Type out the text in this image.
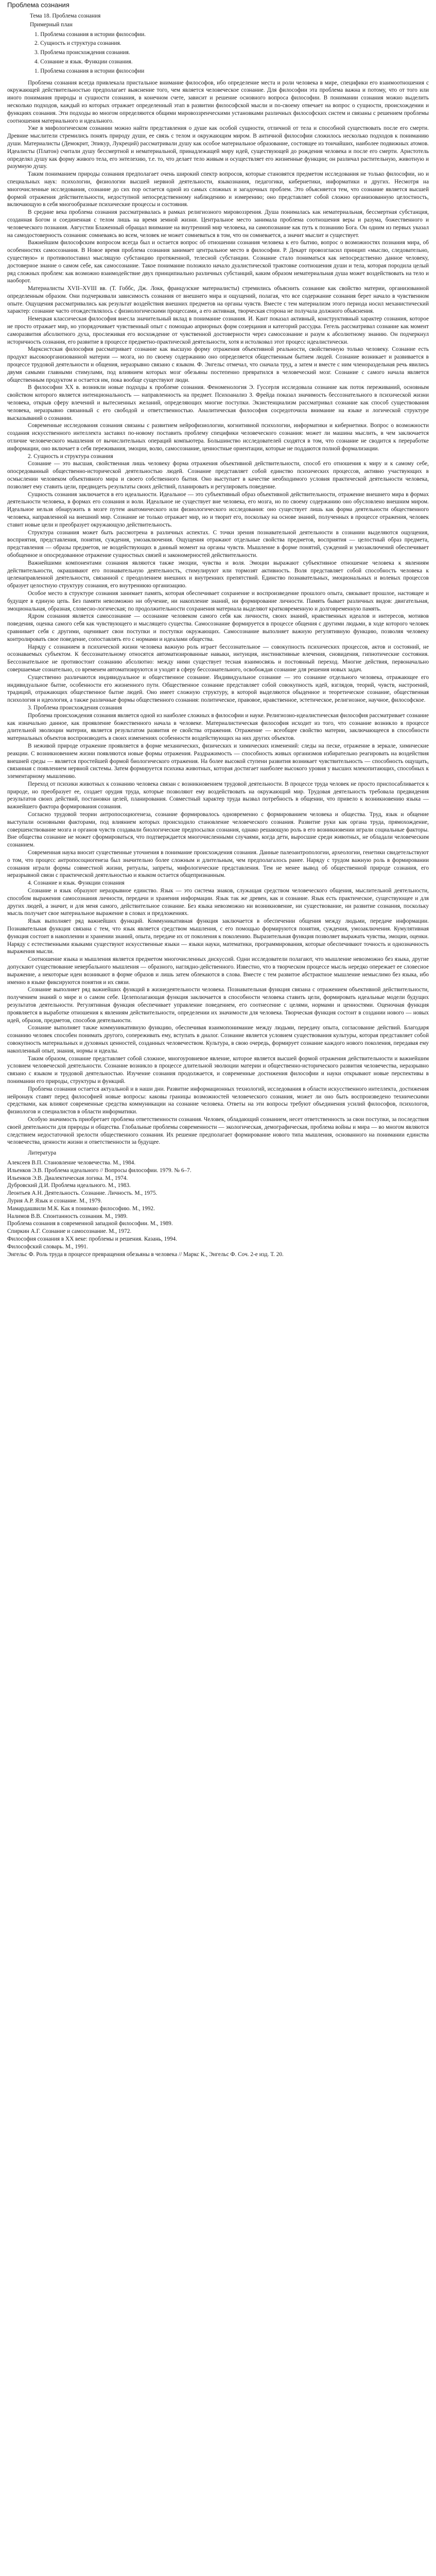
Проблема сознания
Тема 18. Проблема сознания
Примерный план
1. Проблема сознания в истории философии.
2. Сущность и структура сознания.
3. Проблема происхождения сознания.
4. Сознание и язык. Функции сознания.
1. Проблема сознания в истории философии

Проблема сознания всегда привлекала пристальное внимание философов, ибо определение места и роли человека в мире, специфики его взаимоотношения с окружающей действительностью предполагает выяснение того, чем является человеческое сознание. Для философии эта проблема важна и потому, что от того или иного понимания природы и сущности сознания, в конечном счете, зависит и решение основного вопроса философии. В понимании сознания можно выделить несколько подходов, каждый из которых отражает определенный этап в развитии философской мысли и по-своему отвечает на вопрос о сущности, происхождении и функциях сознания. Эти подходы во многом определяются общими мировоззренческими установками различных философских систем и связаны с решением проблемы соотношения материального и идеального.

Уже в мифологическом сознании можно найти представления о душе как особой сущности, отличной от тела и способной существовать после его смерти. Древние мыслители стремились понять природу души, ее связь с телом и окружающим миром. В античной философии сложилось несколько подходов к пониманию души. Материалисты (Демокрит, Эпикур, Лукреций) рассматривали душу как особое материальное образование, состоящее из тончайших, наиболее подвижных атомов. Идеалисты (Платон) считали душу бессмертной и нематериальной, принадлежащей миру идей, существующей до рождения человека и после его смерти. Аристотель определял душу как форму живого тела, его энтелехию, т.е. то, что делает тело живым и осуществляет его жизненные функции; он различал растительную, животную и разумную душу.

Таким пониманием природы сознания предполагает очень широкий спектр вопросов, которые становятся предметом исследования не только философии, но и специальных наук: психологии, физиологии высшей нервной деятельности, языкознания, педагогики, кибернетики, информатики и других. Несмотря на многочисленные исследования, сознание до сих пор остается одной из самых сложных и загадочных проблем. Это объясняется тем, что сознание является высшей формой отражения действительности, недоступной непосредственному наблюдению и измерению; оно представляет собой сложно организованную целостность, включающую в себя многообразные психические процессы и состояния.

В средние века проблема сознания рассматривалась в рамках религиозного мировоззрения. Душа понималась как нематериальная, бессмертная субстанция, созданная Богом и соединенная с телом лишь на время земной жизни. Центральное место занимала проблема соотношения веры и разума, божественного и человеческого познания. Августин Блаженный обращал внимание на внутренний мир человека, на самопознание как путь к познанию Бога. Он одним из первых указал на самодостоверность сознания: сомневаясь во всем, человек не может сомневаться в том, что он сомневается, а значит мыслит и существует.

Важнейшим философским вопросом всегда был и остается вопрос об отношении сознания человека к его бытию, вопрос о возможностях познания мира, об особенностях самосознания. В Новое время проблема сознания занимает центральное место в философии. Р. Декарт провозгласил принцип «мыслю, следовательно, существую» и противопоставил мыслящую субстанцию протяженной, телесной субстанции. Сознание стало пониматься как непосредственно данное человеку, достоверное знание о самом себе, как самосознание. Такое понимание положило начало дуалистической трактовке соотношения души и тела, которая породила целый ряд сложных проблем: как возможно взаимодействие двух принципиально различных субстанций, каким образом нематериальная душа может воздействовать на тело и наоборот.

Материалисты XVII–XVIII вв. (Т. Гоббс, Дж. Локк, французские материалисты) стремились объяснить сознание как свойство материи, организованной определенным образом. Они подчеркивали зависимость сознания от внешнего мира и ощущений, полагая, что все содержание сознания берет начало в чувственном опыте. Ощущения рассматривались как результат воздействия внешних предметов на органы чувств. Вместе с тем материализм этого периода носил механистический характер: сознание часто отождествлялось с физиологическими процессами, а его активная, творческая сторона не получала должного объяснения.

Немецкая классическая философия внесла значительный вклад в понимание сознания. И. Кант показал активный, конструктивный характер сознания, которое не просто отражает мир, но упорядочивает чувственный опыт с помощью априорных форм созерцания и категорий рассудка. Гегель рассматривал сознание как момент саморазвития абсолютного духа, прослеживая его восхождение от чувственной достоверности через самосознание и разум к абсолютному знанию. Он подчеркнул историчность сознания, его развитие в процессе предметно-практической деятельности, хотя и истолковал этот процесс идеалистически.

Марксистская философия рассматривает сознание как высшую форму отражения объективной реальности, свойственную только человеку. Сознание есть продукт высокоорганизованной материи — мозга, но по своему содержанию оно определяется общественным бытием людей. Сознание возникает и развивается в процессе трудовой деятельности и общения, неразрывно связано с языком. Ф. Энгельс отмечал, что сначала труд, а затем и вместе с ним членораздельная речь явились двумя самыми главными стимулами, под влиянием которых мозг обезьяны постепенно превратился в человеческий мозг. Сознание с самого начала является общественным продуктом и остается им, пока вообще существуют люди.

В философии XX в. возникли новые подходы к проблеме сознания. Феноменология Э. Гуссерля исследовала сознание как поток переживаний, основным свойством которого является интенциональность — направленность на предмет. Психоанализ З. Фрейда показал значимость бессознательного в психической жизни человека, открыв сферу влечений и вытесненных желаний, определяющих многие поступки. Экзистенциализм рассматривал сознание как способ существования человека, неразрывно связанный с его свободой и ответственностью. Аналитическая философия сосредоточила внимание на языке и логической структуре высказываний о сознании.

Современные исследования сознания связаны с развитием нейрофизиологии, когнитивной психологии, информатики и кибернетики. Вопрос о возможности создания искусственного интеллекта заставил по-новому поставить проблему специфики человеческого сознания: может ли машина мыслить, в чем заключается отличие человеческого мышления от вычислительных операций компьютера. Большинство исследователей сходятся в том, что сознание не сводится к переработке информации, оно включает в себя переживания, эмоции, волю, самосознание, ценностные ориентации, которые не поддаются полной формализации.

2. Сущность и структура сознания

Сознание — это высшая, свойственная лишь человеку форма отражения объективной действительности, способ его отношения к миру и к самому себе, опосредованный общественно-исторической деятельностью людей. Сознание представляет собой единство психических процессов, активно участвующих в осмыслении человеком объективного мира и своего собственного бытия. Оно выступает в качестве необходимого условия практической деятельности человека, позволяет ему ставить цели, предвидеть результаты своих действий, планировать и регулировать поведение.

Сущность сознания заключается в его идеальности. Идеальное — это субъективный образ объективной действительности, отражение внешнего мира в формах деятельности человека, в формах его сознания и воли. Идеальное не существует вне человека, его мозга, но по своему содержанию оно обусловлено внешним миром. Идеальное нельзя обнаружить в мозге путем анатомического или физиологического исследования: оно существует лишь как форма деятельности общественного человека, направленной на внешний мир. Сознание не только отражает мир, но и творит его, поскольку на основе знаний, полученных в процессе отражения, человек ставит новые цели и преобразует окружающую действительность.

Структура сознания может быть рассмотрена в различных аспектах. С точки зрения познавательной деятельности в сознании выделяются ощущения, восприятия, представления, понятия, суждения, умозаключения. Ощущения отражают отдельные свойства предметов, восприятия — целостный образ предмета, представления — образы предметов, не воздействующих в данный момент на органы чувств. Мышление в форме понятий, суждений и умозаключений обеспечивает обобщенное и опосредованное отражение сущностных связей и закономерностей действительности.

Важнейшими компонентами сознания являются также эмоции, чувства и воля. Эмоции выражают субъективное отношение человека к явлениям действительности, окрашивают его познавательную деятельность, стимулируют или тормозят активность. Воля представляет собой способность человека к целенаправленной деятельности, связанной с преодолением внешних и внутренних препятствий. Единство познавательных, эмоциональных и волевых процессов образует целостную структуру сознания, его внутреннюю организацию.

Особое место в структуре сознания занимает память, которая обеспечивает сохранение и воспроизведение прошлого опыта, связывает прошлое, настоящее и будущее в единую цепь. Без памяти невозможно ни обучение, ни накопление знаний, ни формирование личности. Память бывает различных видов: двигательная, эмоциональная, образная, словесно-логическая; по продолжительности сохранения материала выделяют кратковременную и долговременную память.

Ядром сознания является самосознание — осознание человеком самого себя как личности, своих знаний, нравственных идеалов и интересов, мотивов поведения, оценка самого себя как чувствующего и мыслящего существа. Самосознание формируется в процессе общения с другими людьми, в ходе которого человек сравнивает себя с другими, оценивает свои поступки и поступки окружающих. Самосознание выполняет важную регулятивную функцию, позволяя человеку контролировать свое поведение, сопоставлять его с нормами и идеалами общества.

Наряду с сознанием в психической жизни человека важную роль играет бессознательное — совокупность психических процессов, актов и состояний, не осознаваемых субъектом. К бессознательному относятся автоматизированные навыки, интуиция, инстинктивные влечения, сновидения, гипнотические состояния. Бессознательное не противостоит сознанию абсолютно: между ними существует тесная взаимосвязь и постоянный переход. Многие действия, первоначально совершаемые сознательно, со временем автоматизируются и уходят в сферу бессознательного, освобождая сознание для решения новых задач.

Существенно различаются индивидуальное и общественное сознание. Индивидуальное сознание — это сознание отдельного человека, отражающее его индивидуальное бытие, особенности его жизненного пути. Общественное сознание представляет собой совокупность идей, взглядов, теорий, чувств, настроений, традиций, отражающих общественное бытие людей. Оно имеет сложную структуру, в которой выделяются обыденное и теоретическое сознание, общественная психология и идеология, а также различные формы общественного сознания: политическое, правовое, нравственное, эстетическое, религиозное, научное, философское.

3. Проблема происхождения сознания

Проблема происхождения сознания является одной из наиболее сложных в философии и науке. Религиозно-идеалистическая философия рассматривает сознание как изначально данное, как проявление божественного начала в человеке. Материалистическая философия исходит из того, что сознание возникло в процессе длительной эволюции материи, является результатом развития ее свойства отражения. Отражение — всеобщее свойство материи, заключающееся в способности материальных объектов воспроизводить в своих изменениях особенности воздействующих на них других объектов.

В неживой природе отражение проявляется в форме механических, физических и химических изменений: следы на песке, отражение в зеркале, химические реакции. С возникновением жизни появляются новые формы отражения. Раздражимость — способность живых организмов избирательно реагировать на воздействия внешней среды — является простейшей формой биологического отражения. На более высокой ступени развития возникает чувствительность — способность ощущать, связанная с появлением нервной системы. Затем формируется психика животных, которая достигает наиболее высокого уровня у высших млекопитающих, способных к элементарному мышлению.

Переход от психики животных к сознанию человека связан с возникновением трудовой деятельности. В процессе труда человек не просто приспосабливается к природе, но преобразует ее, создает орудия труда, которые позволяют ему воздействовать на окружающий мир. Трудовая деятельность требовала предвидения результатов своих действий, постановки целей, планирования. Совместный характер труда вызвал потребность в общении, что привело к возникновению языка — важнейшего фактора формирования сознания.

Согласно трудовой теории антропосоциогенеза, сознание формировалось одновременно с формированием человека и общества. Труд, язык и общение выступали основными факторами, под влиянием которых происходило становление человеческого сознания. Развитие руки как органа труда, прямохождение, совершенствование мозга и органов чувств создавали биологические предпосылки сознания, однако решающую роль в его возникновении играли социальные факторы. Вне общества сознание не может сформироваться, что подтверждается многочисленными случаями, когда дети, выросшие среди животных, не обладали человеческим сознанием.

Современная наука вносит существенные уточнения в понимание происхождения сознания. Данные палеоантропологии, археологии, генетики свидетельствуют о том, что процесс антропосоциогенеза был значительно более сложным и длительным, чем предполагалось ранее. Наряду с трудом важную роль в формировании сознания играли формы совместной жизни, ритуалы, запреты, мифологические представления. Тем не менее вывод об общественной природе сознания, его неразрывной связи с практической деятельностью и языком остается общепризнанным.

4. Сознание и язык. Функции сознания

Сознание и язык образуют неразрывное единство. Язык — это система знаков, служащая средством человеческого общения, мыслительной деятельности, способом выражения самосознания личности, передачи и хранения информации. Язык так же древен, как и сознание. Язык есть практическое, существующее и для других людей, а значит, и для меня самого, действительное сознание. Без языка невозможно ни возникновение, ни существование, ни развитие сознания, поскольку мысль получает свое материальное выражение в словах и предложениях.

Язык выполняет ряд важнейших функций. Коммуникативная функция заключается в обеспечении общения между людьми, передаче информации. Познавательная функция связана с тем, что язык является средством мышления, с его помощью формируются понятия, суждения, умозаключения. Кумулятивная функция состоит в накоплении и хранении знаний, опыта, передаче их от поколения к поколению. Выразительная функция позволяет выражать чувства, эмоции, оценки. Наряду с естественными языками существуют искусственные языки — языки науки, математики, программирования, которые обеспечивают точность и однозначность выражения мысли.

Соотношение языка и мышления является предметом многочисленных дискуссий. Одни исследователи полагают, что мышление невозможно без языка, другие допускают существование невербального мышления — образного, наглядно-действенного. Известно, что в творческом процессе мысль нередко опережает ее словесное выражение, а некоторые идеи возникают в форме образов и лишь затем облекаются в слова. Вместе с тем развитое абстрактное мышление немыслимо без языка, ибо именно в языке фиксируются понятия и их связи.

Сознание выполняет ряд важнейших функций в жизнедеятельности человека. Познавательная функция связана с отражением объективной действительности, получением знаний о мире и о самом себе. Целеполагающая функция заключается в способности человека ставить цели, формировать идеальные модели будущих результатов деятельности. Регулятивная функция обеспечивает управление поведением, его соотнесение с целями, нормами и ценностями. Оценочная функция проявляется в выработке отношения к явлениям действительности, определении их значимости для человека. Творческая функция состоит в создании нового — новых идей, образов, предметов, способов деятельности.

Сознание выполняет также коммуникативную функцию, обеспечивая взаимопонимание между людьми, передачу опыта, согласование действий. Благодаря сознанию человек способен понимать другого, сопереживать ему, вступать в диалог. Сознание является условием существования культуры, которая представляет собой совокупность материальных и духовных ценностей, созданных человечеством. Культура, в свою очередь, формирует сознание каждого нового поколения, передавая ему накопленный опыт, знания, нормы и идеалы.

Таким образом, сознание представляет собой сложное, многоуровневое явление, которое является высшей формой отражения действительности и важнейшим условием человеческой деятельности. Сознание возникло в процессе длительной эволюции материи и общественно-исторического развития человечества, неразрывно связано с языком и трудовой деятельностью. Изучение сознания продолжается, и современные достижения философии и науки открывают новые перспективы в понимании его природы, структуры и функций.

Проблема сознания остается актуальной и в наши дни. Развитие информационных технологий, исследования в области искусственного интеллекта, достижения нейронаук ставят перед философией новые вопросы: каковы границы возможностей человеческого сознания, может ли оно быть воспроизведено техническими средствами, как влияют современные средства коммуникации на сознание человека. Ответы на эти вопросы требуют объединения усилий философов, психологов, физиологов и специалистов в области информатики.

Особую значимость приобретает проблема ответственности сознания. Человек, обладающий сознанием, несет ответственность за свои поступки, за последствия своей деятельности для природы и общества. Глобальные проблемы современности — экологическая, демографическая, проблема войны и мира — во многом являются следствием недостаточной зрелости общественного сознания. Их решение предполагает формирование нового типа мышления, основанного на понимании единства человечества, ценности жизни и ответственности за будущее.

Литература
Алексеев В.П. Становление человечества. М., 1984.
Ильенков Э.В. Проблема идеального // Вопросы философии. 1979. № 6–7.
Ильенков Э.В. Диалектическая логика. М., 1974.
Дубровский Д.И. Проблема идеального. М., 1983.
Леонтьев А.Н. Деятельность. Сознание. Личность. М., 1975.
Лурия А.Р. Язык и сознание. М., 1979.
Мамардашвили М.К. Как я понимаю философию. М., 1992.
Налимов В.В. Спонтанность сознания. М., 1989.
Проблема сознания в современной западной философии. М., 1989.
Спиркин А.Г. Сознание и самосознание. М., 1972.
Философия сознания в XX веке: проблемы и решения. Казань, 1994.
Философский словарь. М., 1991.
Энгельс Ф. Роль труда в процессе превращения обезьяны в человека // Маркс К., Энгельс Ф. Соч. 2-е изд. Т. 20.
